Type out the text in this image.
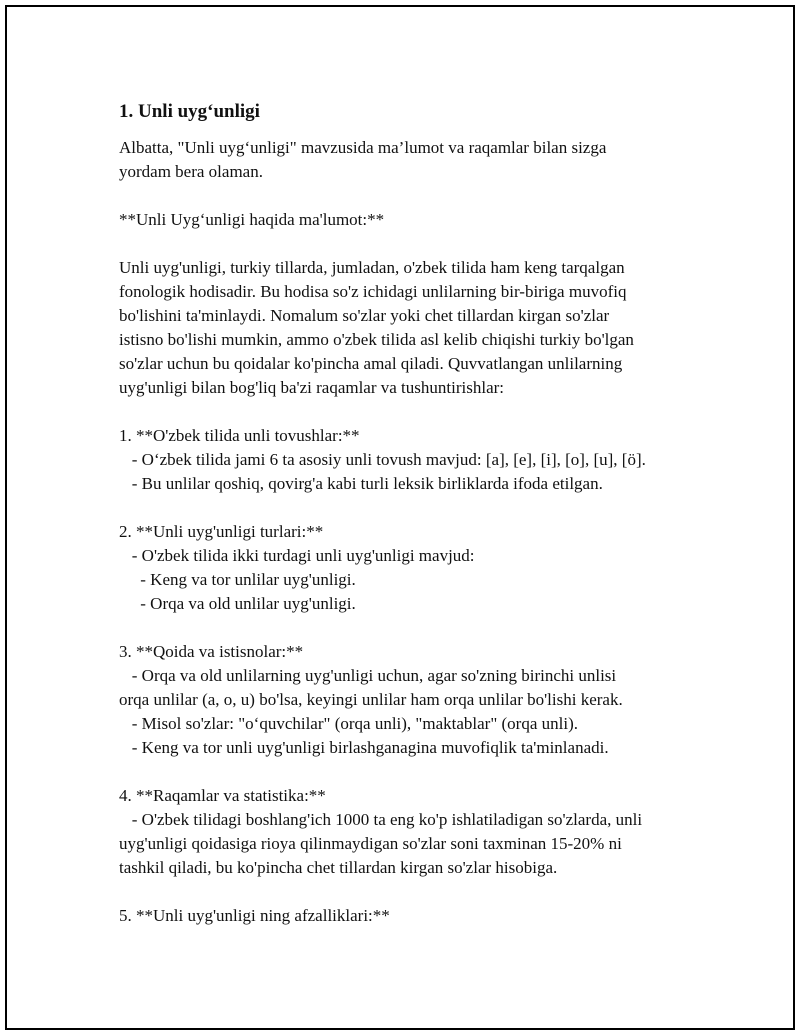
1. Unli uyg‘unligi
Albatta, "Unli uyg‘unligi" mavzusida ma’lumot va raqamlar bilan sizga
yordam bera olaman.
**Unli Uyg‘unligi haqida ma'lumot:**
Unli uyg'unligi, turkiy tillarda, jumladan, o'zbek tilida ham keng tarqalgan
fonologik hodisadir. Bu hodisa so'z ichidagi unlilarning bir-biriga muvofiq
bo'lishini ta'minlaydi. Nomalum so'zlar yoki chet tillardan kirgan so'zlar
istisno bo'lishi mumkin, ammo o'zbek tilida asl kelib chiqishi turkiy bo'lgan
so'zlar uchun bu qoidalar ko'pincha amal qiladi. Quvvatlangan unlilarning
uyg'unligi bilan bog'liq ba'zi raqamlar va tushuntirishlar:
1. **O'zbek tilida unli tovushlar:**
- O‘zbek tilida jami 6 ta asosiy unli tovush mavjud: [a], [e], [i], [o], [u], [ö].
- Bu unlilar qoshiq, qovirg'a kabi turli leksik birliklarda ifoda etilgan.
2. **Unli uyg'unligi turlari:**
- O'zbek tilida ikki turdagi unli uyg'unligi mavjud:
- Keng va tor unlilar uyg'unligi.
- Orqa va old unlilar uyg'unligi.
3. **Qoida va istisnolar:**
- Orqa va old unlilarning uyg'unligi uchun, agar so'zning birinchi unlisi
orqa unlilar (a, o, u) bo'lsa, keyingi unlilar ham orqa unlilar bo'lishi kerak.
- Misol so'zlar: "o‘quvchilar" (orqa unli), "maktablar" (orqa unli).
- Keng va tor unli uyg'unligi birlashganagina muvofiqlik ta'minlanadi.
4. **Raqamlar va statistika:**
- O'zbek tilidagi boshlang'ich 1000 ta eng ko'p ishlatiladigan so'zlarda, unli
uyg'unligi qoidasiga rioya qilinmaydigan so'zlar soni taxminan 15-20% ni
tashkil qiladi, bu ko'pincha chet tillardan kirgan so'zlar hisobiga.
5. **Unli uyg'unligi ning afzalliklari:**
